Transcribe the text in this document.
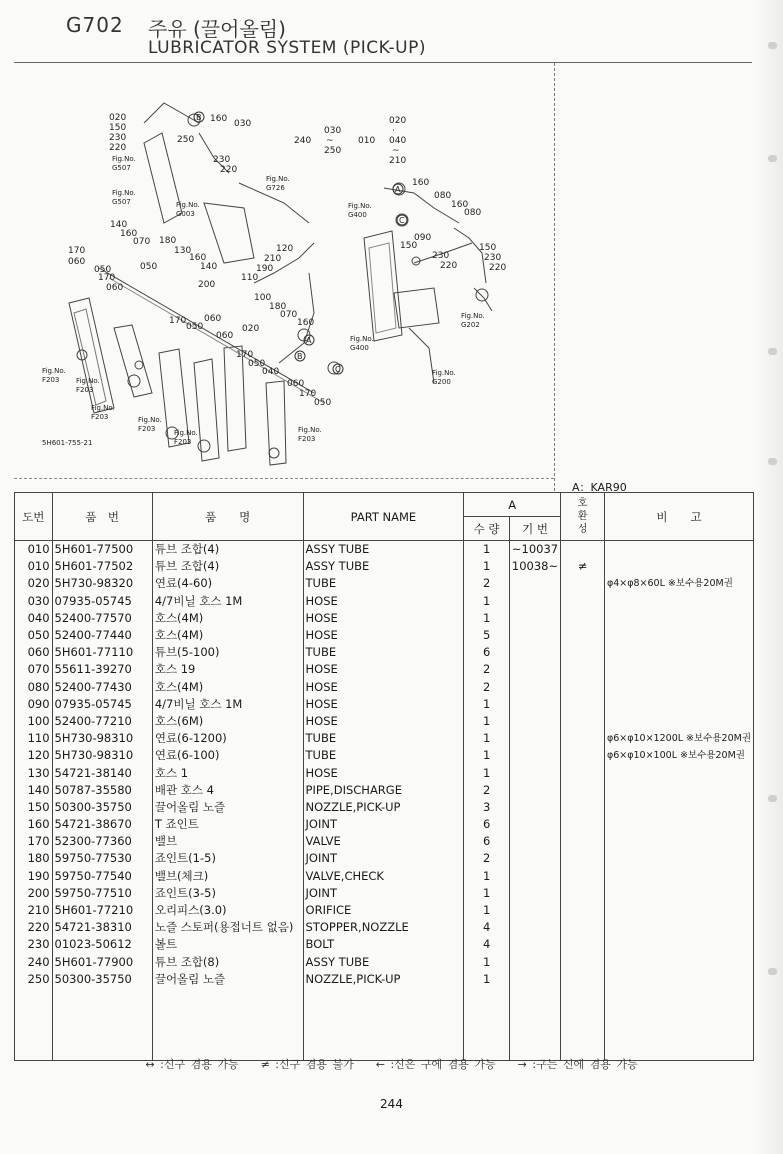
G702 주유 (끌어올림)
LUBRICATOR SYSTEM (PICK-UP)
020
150
230
220
160 030
250
230
220
140
160
070 180
130
170
060
050	050
160
140
170
060
110
200
210
120
190
100
180
070
160
060
170
050
060
020
170
050
040
060
170
050
160
080
160
080
090
150
230
220
150
230
220
240
030
~
250
010
020
·
040
~
210
Fig.No.
G507
Fig.No.
G507	Fig.No.
G003
Fig.No.
G726
Fig.No.
G400
Fig.No.
G400
Fig.No.
G202
Fig.No.
G200
Fig.No.
F203 Fig.No.
F203
Fig.No.
F203	Fig.No.
F203	Fig.No.
F203
Fig.No.
F203
5H601-755-21
B
A
C
A
C
B
A：KAR90
도번	품　번	품　　명	PART NAME	A		호
환
성	비　　고
				수 량	기 번		
010	5H601-77500	튜브 조합(4)	ASSY TUBE	1	~10037		
010	5H601-77502	튜브 조합(4)	ASSY TUBE	1	10038~	≠	
020	5H730-98320	연료(4-60)	TUBE	2			φ4×φ8×60L ※보수용20M권
030	07935-05745	4/7비닐 호스 1M	HOSE	1			
040	52400-77570	호스(4M)	HOSE	1			
050	52400-77440	호스(4M)	HOSE	5			
060	5H601-77110	튜브(5-100)	TUBE	6			
070	55611-39270	호스 19	HOSE	2			
080	52400-77430	호스(4M)	HOSE	2			
090	07935-05745	4/7비닐 호스 1M	HOSE	1			
100	52400-77210	호스(6M)	HOSE	1			
110	5H730-98310	연료(6-1200)	TUBE	1			φ6×φ10×1200L ※보수용20M권
120	5H730-98310	연료(6-100)	TUBE	1			φ6×φ10×100L ※보수용20M권
130	54721-38140	호스 1	HOSE	1			
140	50787-35580	배관 호스 4	PIPE,DISCHARGE	2			
150	50300-35750	끌어올림 노즐	NOZZLE,PICK-UP	3			
160	54721-38670	T 죠인트	JOINT	6			
170	52300-77360	밸브	VALVE	6			
180	59750-77530	죠인트(1-5)	JOINT	2			
190	59750-77540	밸브(체크)	VALVE,CHECK	1			
200	59750-77510	죠인트(3-5)	JOINT	1			
210	5H601-77210	오리피스(3.0)	ORIFICE	1			
220	54721-38310	노즐 스토퍼(용접너트 없음)	STOPPER,NOZZLE	4			
230	01023-50612	볼트	BOLT	4			
240	5H601-77900	튜브 조합(8)	ASSY TUBE	1			
250	50300-35750	끌어올림 노즐	NOZZLE,PICK-UP	1			

↔ :신구 겸용 가능　　≠ :신구 겸용 불가　　← :신은 구에 겸용 가능　　→ :구는 신에 겸용 가능
244
